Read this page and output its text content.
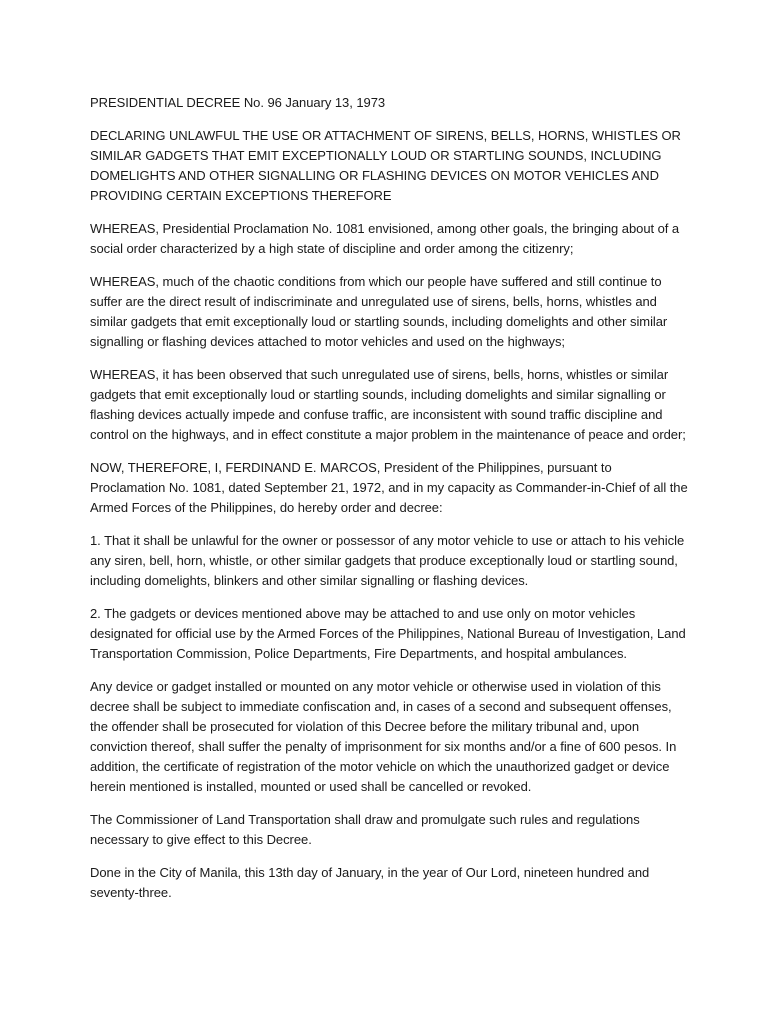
PRESIDENTIAL DECREE No. 96 January 13, 1973

DECLARING UNLAWFUL THE USE OR ATTACHMENT OF SIRENS, BELLS, HORNS, WHISTLES OR SIMILAR GADGETS THAT EMIT EXCEPTIONALLY LOUD OR STARTLING SOUNDS, INCLUDING DOMELIGHTS AND OTHER SIGNALLING OR FLASHING DEVICES ON MOTOR VEHICLES AND PROVIDING CERTAIN EXCEPTIONS THEREFORE

WHEREAS, Presidential Proclamation No. 1081 envisioned, among other goals, the bringing about of a social order characterized by a high state of discipline and order among the citizenry;

WHEREAS, much of the chaotic conditions from which our people have suffered and still continue to suffer are the direct result of indiscriminate and unregulated use of sirens, bells, horns, whistles and similar gadgets that emit exceptionally loud or startling sounds, including domelights and other similar signalling or flashing devices attached to motor vehicles and used on the highways;

WHEREAS, it has been observed that such unregulated use of sirens, bells, horns, whistles or similar gadgets that emit exceptionally loud or startling sounds, including domelights and similar signalling or flashing devices actually impede and confuse traffic, are inconsistent with sound traffic discipline and control on the highways, and in effect constitute a major problem in the maintenance of peace and order;

NOW, THEREFORE, I, FERDINAND E. MARCOS, President of the Philippines, pursuant to Proclamation No. 1081, dated September 21, 1972, and in my capacity as Commander-in-Chief of all the Armed Forces of the Philippines, do hereby order and decree:

1. That it shall be unlawful for the owner or possessor of any motor vehicle to use or attach to his vehicle any siren, bell, horn, whistle, or other similar gadgets that produce exceptionally loud or startling sound, including domelights, blinkers and other similar signalling or flashing devices.

2. The gadgets or devices mentioned above may be attached to and use only on motor vehicles designated for official use by the Armed Forces of the Philippines, National Bureau of Investigation, Land Transportation Commission, Police Departments, Fire Departments, and hospital ambulances.

Any device or gadget installed or mounted on any motor vehicle or otherwise used in violation of this decree shall be subject to immediate confiscation and, in cases of a second and subsequent offenses, the offender shall be prosecuted for violation of this Decree before the military tribunal and, upon conviction thereof, shall suffer the penalty of imprisonment for six months and/or a fine of 600 pesos. In addition, the certificate of registration of the motor vehicle on which the unauthorized gadget or device herein mentioned is installed, mounted or used shall be cancelled or revoked.

The Commissioner of Land Transportation shall draw and promulgate such rules and regulations necessary to give effect to this Decree.

Done in the City of Manila, this 13th day of January, in the year of Our Lord, nineteen hundred and seventy-three.
